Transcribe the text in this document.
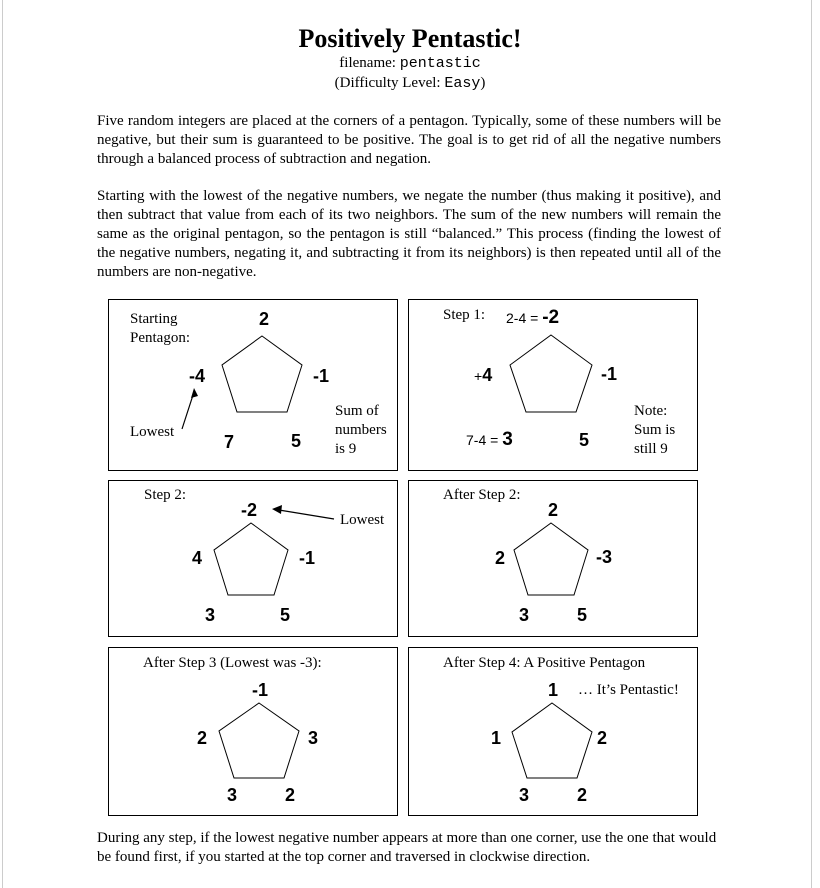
Positively Pentastic!
filename: pentastic
(Difficulty Level: Easy)

Five random integers are placed at the corners of a pentagon. Typically, some of these numbers will be negative, but their sum is guaranteed to be positive. The goal is to get rid of all the negative numbers through a balanced process of subtraction and negation.

Starting with the lowest of the negative numbers, we negate the number (thus making it positive), and then subtract that value from each of its two neighbors. The sum of the new numbers will remain the same as the original pentagon, so the pentagon is still “balanced.” This process (finding the lowest of the negative numbers, negating it, and subtracting it from its neighbors) is then repeated until all of the numbers are non-negative.

Starting
Pentagon:
2
-1
5
7
-4
Lowest
Sum of
numbers
is 9
Step 1: 2-4 = -2
-1
5
7-4 = 3
+4
Note:
Sum is
still 9
Step 2:
-2
-1
5
3
4
Lowest
After Step 2:
2
-3
5
3
2
After Step 3 (Lowest was -3):
-1
3
2
3
2
After Step 4: A Positive Pentagon
1 … It’s Pentastic!
2
2
3
1

During any step, if the lowest negative number appears at more than one corner, use the one that would be found first, if you started at the top corner and traversed in clockwise direction.
